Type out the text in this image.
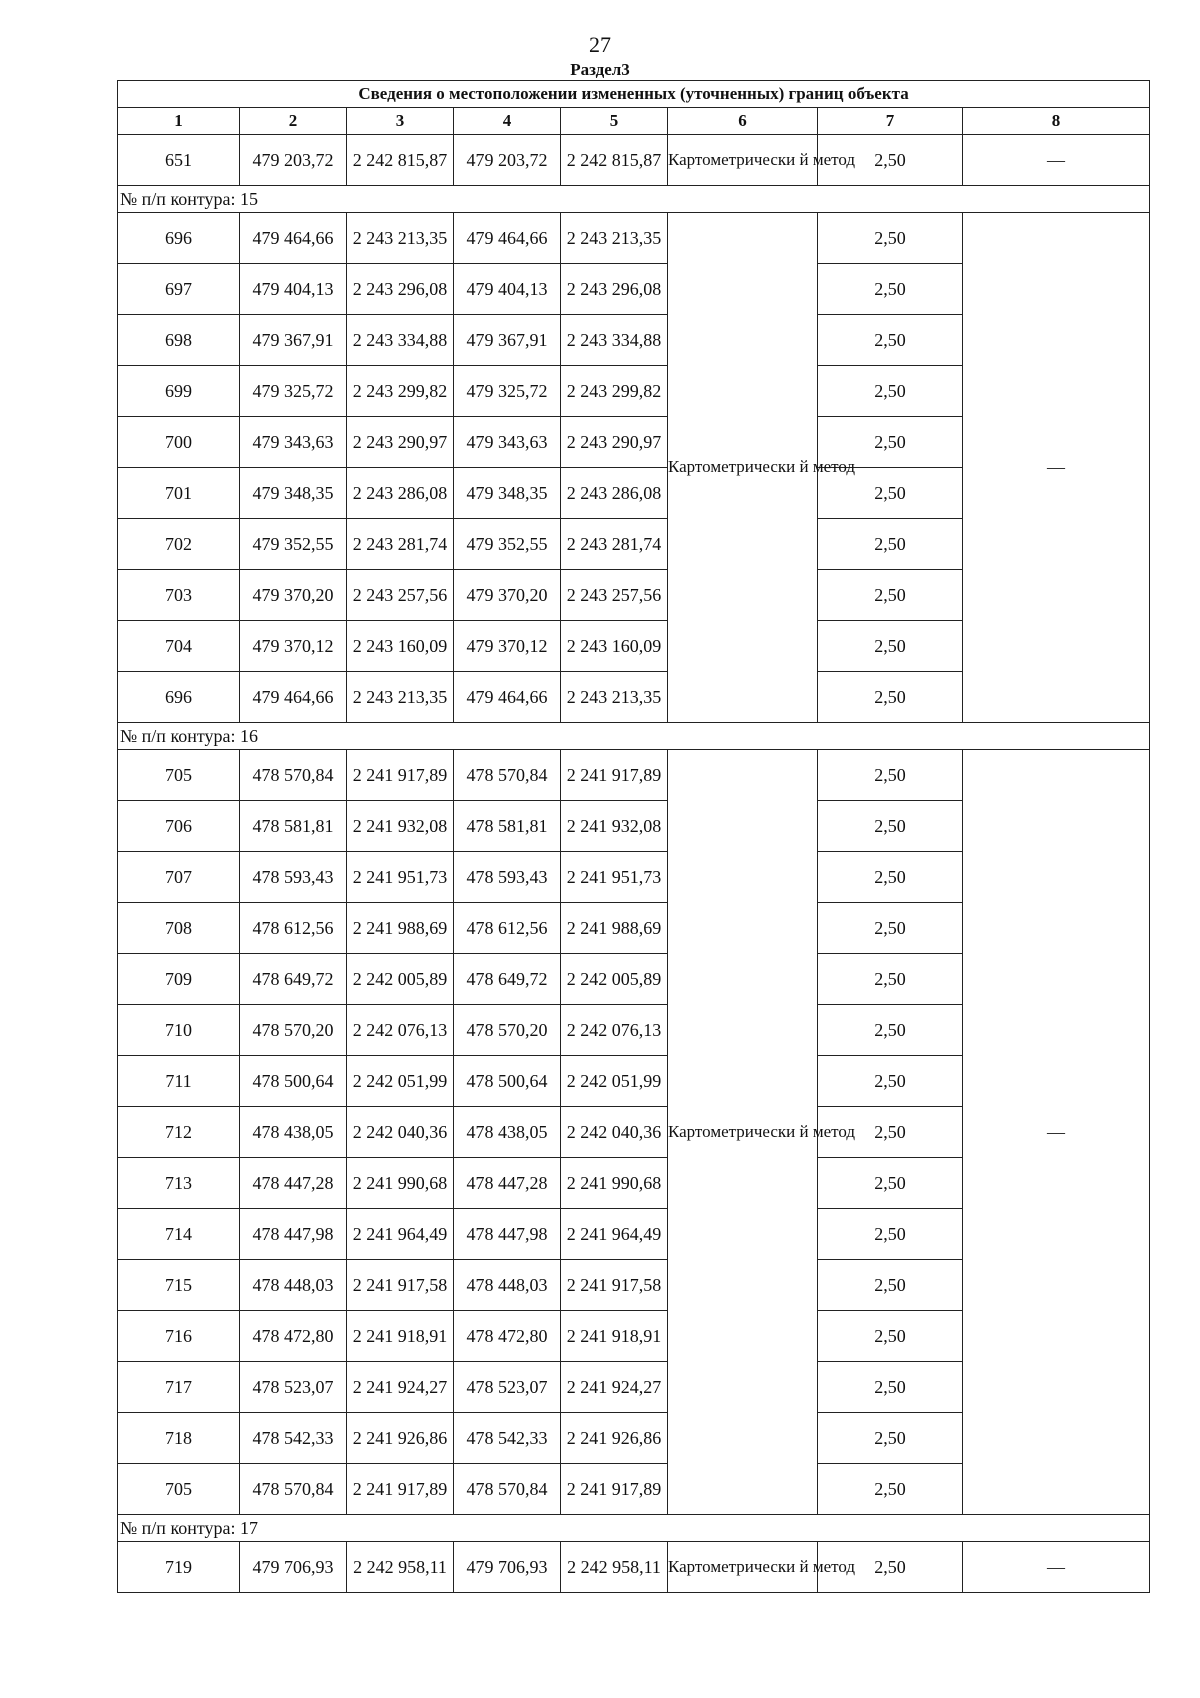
27
Раздел3
Сведения о местоположении измененных (уточненных) границ объекта							
1	2	3	4	5	6	7	8
651	479 203,72	2 242 815,87	479 203,72	2 242 815,87	Картометрически й метод	2,50	—
№ п/п контура: 15							
696	479 464,66	2 243 213,35	479 464,66	2 243 213,35	Картометрически й метод	2,50	—
697	479 404,13	2 243 296,08	479 404,13	2 243 296,08		2,50	
698	479 367,91	2 243 334,88	479 367,91	2 243 334,88		2,50	
699	479 325,72	2 243 299,82	479 325,72	2 243 299,82		2,50	
700	479 343,63	2 243 290,97	479 343,63	2 243 290,97		2,50	
701	479 348,35	2 243 286,08	479 348,35	2 243 286,08		2,50	
702	479 352,55	2 243 281,74	479 352,55	2 243 281,74		2,50	
703	479 370,20	2 243 257,56	479 370,20	2 243 257,56		2,50	
704	479 370,12	2 243 160,09	479 370,12	2 243 160,09		2,50	
696	479 464,66	2 243 213,35	479 464,66	2 243 213,35		2,50	
№ п/п контура: 16							
705	478 570,84	2 241 917,89	478 570,84	2 241 917,89	Картометрически й метод	2,50	—
706	478 581,81	2 241 932,08	478 581,81	2 241 932,08		2,50	
707	478 593,43	2 241 951,73	478 593,43	2 241 951,73		2,50	
708	478 612,56	2 241 988,69	478 612,56	2 241 988,69		2,50	
709	478 649,72	2 242 005,89	478 649,72	2 242 005,89		2,50	
710	478 570,20	2 242 076,13	478 570,20	2 242 076,13		2,50	
711	478 500,64	2 242 051,99	478 500,64	2 242 051,99		2,50	
712	478 438,05	2 242 040,36	478 438,05	2 242 040,36		2,50	
713	478 447,28	2 241 990,68	478 447,28	2 241 990,68		2,50	
714	478 447,98	2 241 964,49	478 447,98	2 241 964,49		2,50	
715	478 448,03	2 241 917,58	478 448,03	2 241 917,58		2,50	
716	478 472,80	2 241 918,91	478 472,80	2 241 918,91		2,50	
717	478 523,07	2 241 924,27	478 523,07	2 241 924,27		2,50	
718	478 542,33	2 241 926,86	478 542,33	2 241 926,86		2,50	
705	478 570,84	2 241 917,89	478 570,84	2 241 917,89		2,50	
№ п/п контура: 17							
719	479 706,93	2 242 958,11	479 706,93	2 242 958,11	Картометрически й метод	2,50	—
